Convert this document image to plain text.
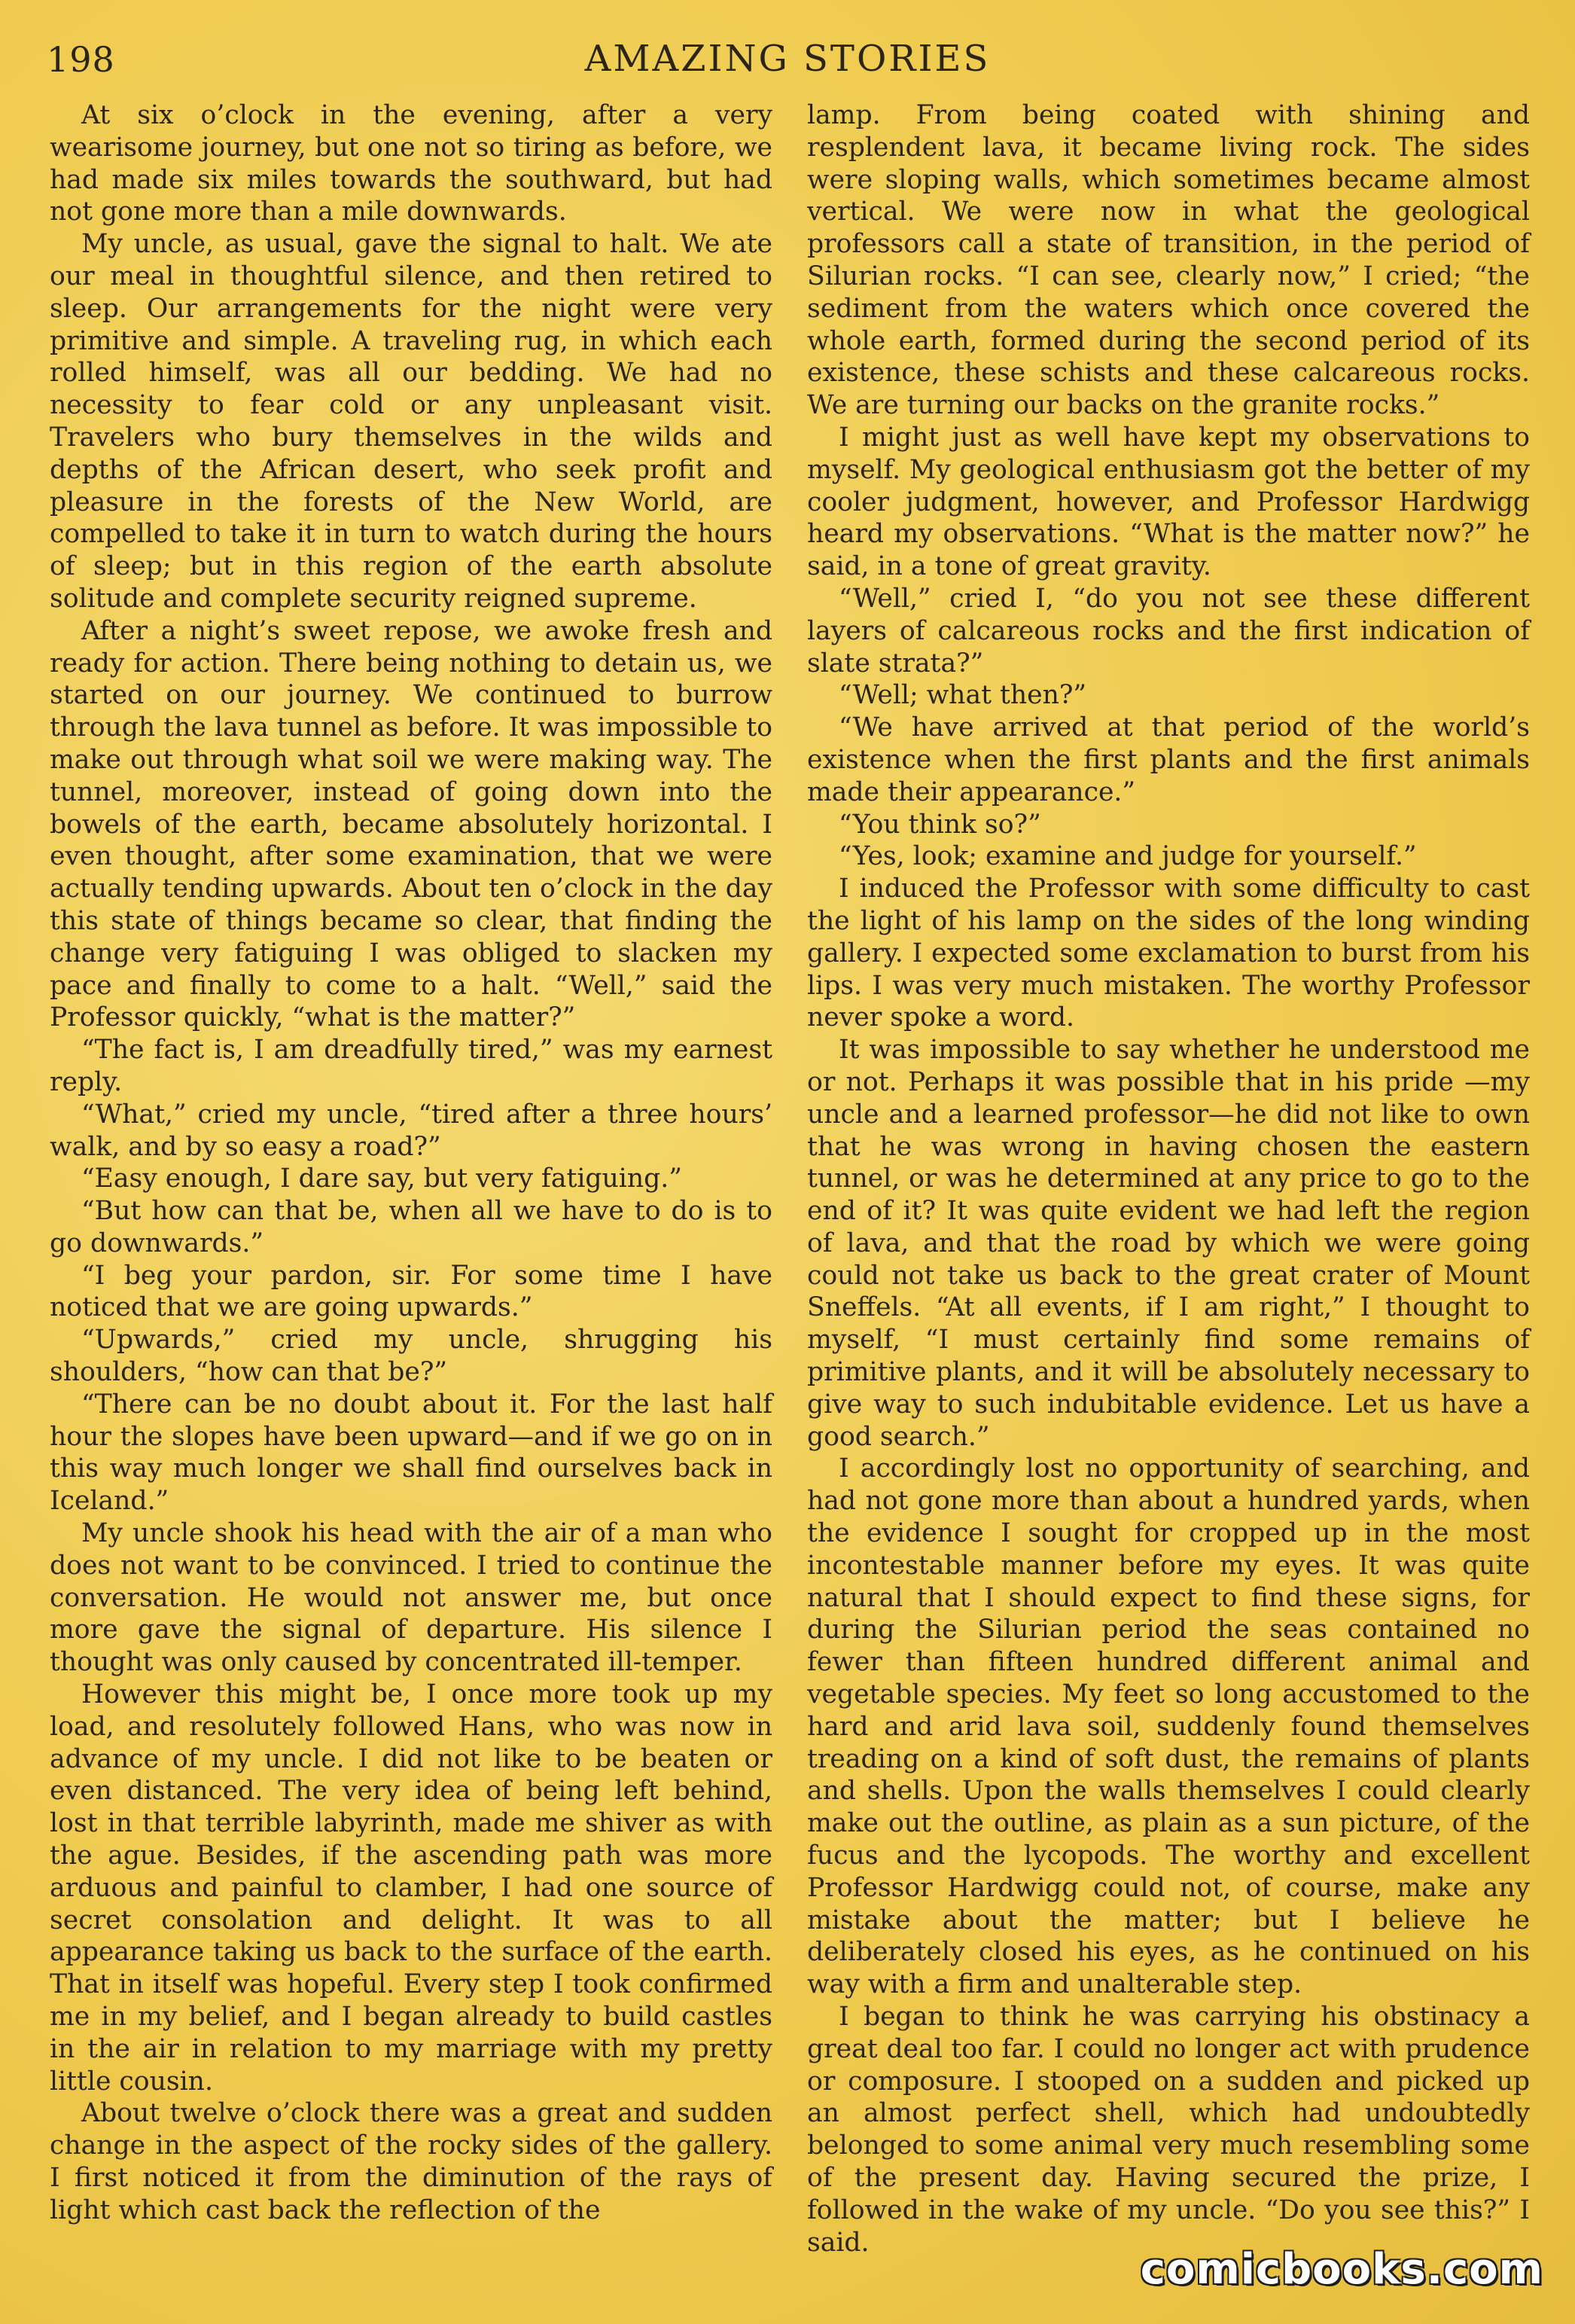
198	AMAZING STORIES

At six o’clock in the evening, after a very wearisome journey, but one not so tiring as before, we had made six miles towards the southward, but had not gone more than a mile downwards.

My uncle, as usual, gave the signal to halt. We ate our meal in thoughtful silence, and then retired to sleep. Our arrangements for the night were very primitive and simple. A traveling rug, in which each rolled himself, was all our bedding. We had no necessity to fear cold or any unpleasant visit. Travelers who bury themselves in the wilds and depths of the African desert, who seek profit and pleasure in the forests of the New World, are compelled to take it in turn to watch during the hours of sleep; but in this region of the earth absolute solitude and complete security reigned supreme.

After a night’s sweet repose, we awoke fresh and ready for action. There being nothing to detain us, we started on our journey. We continued to burrow through the lava tunnel as before. It was impossible to make out through what soil we were making way. The tunnel, moreover, instead of going down into the bowels of the earth, became absolutely horizontal. I even thought, after some examination, that we were actually tending upwards. About ten o’clock in the day this state of things became so clear, that finding the change very fatiguing I was obliged to slacken my pace and finally to come to a halt. “Well,” said the Professor quickly, “what is the matter?”

“The fact is, I am dreadfully tired,” was my earnest reply.

“What,” cried my uncle, “tired after a three hours’ walk, and by so easy a road?”

“Easy enough, I dare say, but very fatiguing.”

“But how can that be, when all we have to do is to go downwards.”

“I beg your pardon, sir. For some time I have noticed that we are going upwards.”

“Upwards,” cried my uncle, shrugging his shoulders, “how can that be?”

“There can be no doubt about it. For the last half hour the slopes have been upward—and if we go on in this way much longer we shall find ourselves back in Iceland.”

My uncle shook his head with the air of a man who does not want to be convinced. I tried to continue the conversation. He would not answer me, but once more gave the signal of departure. His silence I thought was only caused by concentrated ill-temper.

However this might be, I once more took up my load, and resolutely followed Hans, who was now in advance of my uncle. I did not like to be beaten or even distanced. The very idea of being left behind, lost in that terrible labyrinth, made me shiver as with the ague. Besides, if the ascending path was more arduous and painful to clamber, I had one source of secret consolation and delight. It was to all appearance taking us back to the surface of the earth. That in itself was hopeful. Every step I took confirmed me in my belief, and I began already to build castles in the air in relation to my marriage with my pretty little cousin.

About twelve o’clock there was a great and sudden change in the aspect of the rocky sides of the gallery. I first noticed it from the diminution of the rays of light which cast back the reflection of the

lamp. From being coated with shining and resplendent lava, it became living rock. The sides were sloping walls, which sometimes became almost vertical. We were now in what the geological professors call a state of transition, in the period of Silurian rocks. “I can see, clearly now,” I cried; “the sediment from the waters which once covered the whole earth, formed during the second period of its existence, these schists and these calcareous rocks. We are turning our backs on the granite rocks.”

I might just as well have kept my observations to myself. My geological enthusiasm got the better of my cooler judgment, however, and Professor Hardwigg heard my observations. “What is the matter now?” he said, in a tone of great gravity.

“Well,” cried I, “do you not see these different layers of calcareous rocks and the first indication of slate strata?”

“Well; what then?”

“We have arrived at that period of the world’s existence when the first plants and the first animals made their appearance.”

“You think so?”

“Yes, look; examine and judge for yourself.”

I induced the Professor with some difficulty to cast the light of his lamp on the sides of the long winding gallery. I expected some exclamation to burst from his lips. I was very much mistaken. The worthy Professor never spoke a word.

It was impossible to say whether he understood me or not. Perhaps it was possible that in his pride —my uncle and a learned professor—he did not like to own that he was wrong in having chosen the eastern tunnel, or was he determined at any price to go to the end of it? It was quite evident we had left the region of lava, and that the road by which we were going could not take us back to the great crater of Mount Sneffels. “At all events, if I am right,” I thought to myself, “I must certainly find some remains of primitive plants, and it will be absolutely necessary to give way to such indubitable evidence. Let us have a good search.”

I accordingly lost no opportunity of searching, and had not gone more than about a hundred yards, when the evidence I sought for cropped up in the most incontestable manner before my eyes. It was quite natural that I should expect to find these signs, for during the Silurian period the seas contained no fewer than fifteen hundred different animal and vegetable species. My feet so long accustomed to the hard and arid lava soil, suddenly found themselves treading on a kind of soft dust, the remains of plants and shells. Upon the walls themselves I could clearly make out the outline, as plain as a sun picture, of the fucus and the lycopods. The worthy and excellent Professor Hardwigg could not, of course, make any mistake about the matter; but I believe he deliberately closed his eyes, as he continued on his way with a firm and unalterable step.

I began to think he was carrying his obstinacy a great deal too far. I could no longer act with prudence or composure. I stooped on a sudden and picked up an almost perfect shell, which had undoubtedly belonged to some animal very much resembling some of the present day. Having secured the prize, I followed in the wake of my uncle. “Do you see this?” I said.

comicbooks.com
